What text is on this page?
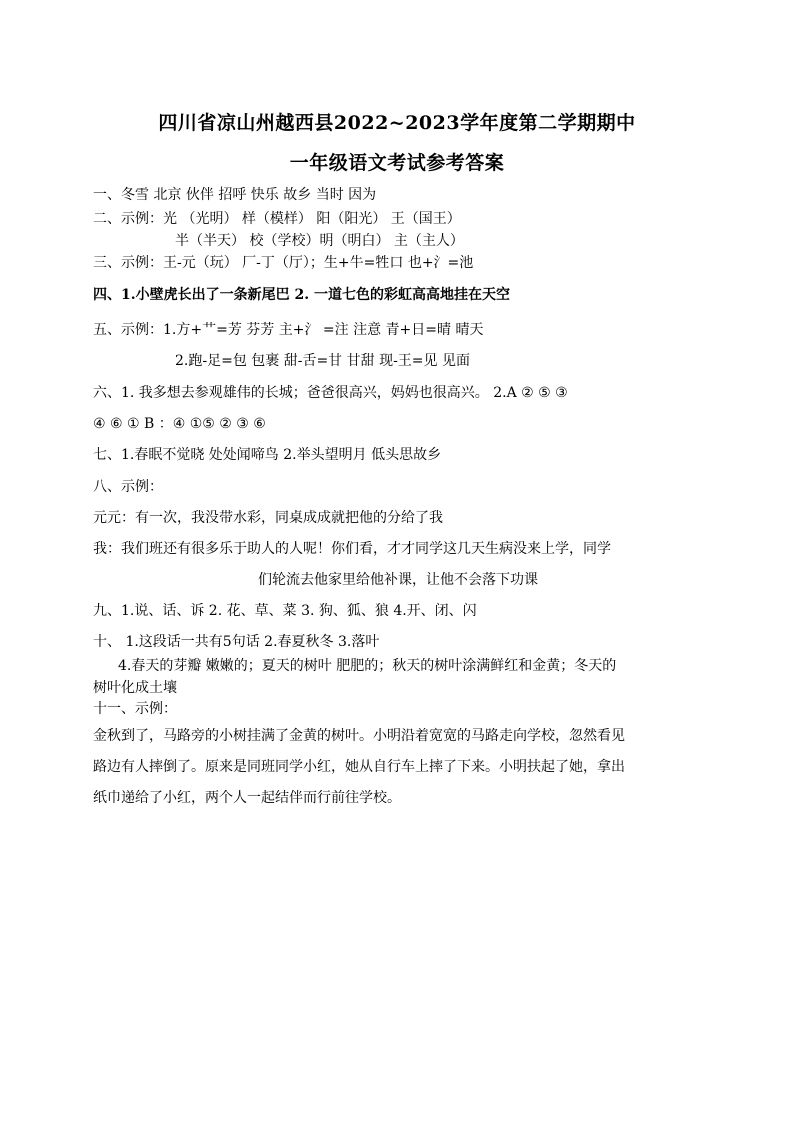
四川省凉山州越西县2022~2023学年度第二学期期中
一年级语文考试参考答案
一、冬雪 北京 伙伴 招呼 快乐 故乡 当时 因为
二、示例：光 （光明） 样（模样） 阳（阳光） 王（国王）
半（半天） 校（学校）明（明白） 主（主人）
三、示例：王-元（玩） 厂-丁（厅）；生+牛=牲口 也+氵=池
四、1.小壁虎长出了一条新尾巴 2. 一道七色的彩虹高高地挂在天空
五、示例：1.方+艹=芳 芬芳 主+氵 =注 注意 青+日=晴 晴天
2.跑-足=包 包裹 甜-舌=甘 甘甜 现-王=见 见面
六、1. 我多想去参观雄伟的长城；爸爸很高兴，妈妈也很高兴。 2.A ② ⑤ ③
④ ⑥ ① B ：④ ①⑤ ② ③ ⑥
七、1.春眠不觉晓 处处闻啼鸟 2.举头望明月 低头思故乡
八、示例：
元元：有一次，我没带水彩，同桌成成就把他的分给了我
我：我们班还有很多乐于助人的人呢！你们看，才才同学这几天生病没来上学，同学
们轮流去他家里给他补课，让他不会落下功课
九、1.说、话、诉 2. 花、草、菜 3. 狗、狐、狼 4.开、闭、闪
十、 1.这段话一共有5句话 2.春夏秋冬 3.落叶
4.春天的芽瓣 嫩嫩的；夏天的树叶 肥肥的；秋天的树叶涂满鲜红和金黄；冬天的
树叶化成土壤
十一、示例：
金秋到了，马路旁的小树挂满了金黄的树叶。小明沿着宽宽的马路走向学校，忽然看见
路边有人摔倒了。原来是同班同学小红，她从自行车上摔了下来。小明扶起了她，拿出
纸巾递给了小红，两个人一起结伴而行前往学校。
